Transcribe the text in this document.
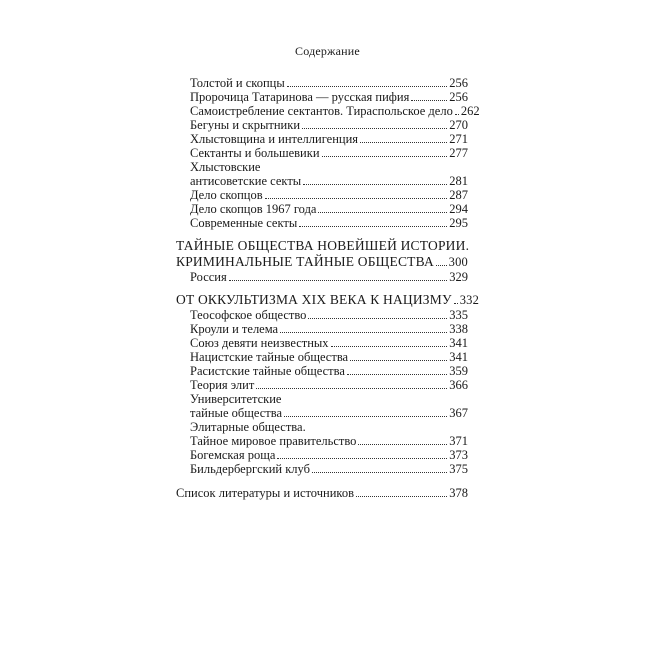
Содержание
Толстой и скопцы	256
Пророчица Татаринова — русская пифия	256
Самоистребление сектантов. Тираспольское дело 262
Бегуны и скрытники	270
Хлыстовщина и интеллигенция	271
Сектанты и большевики	277
Хлыстовские
антисоветские секты	281
Дело скопцов	287
Дело скопцов 1967 года	294
Современные секты	295
ТАЙНЫЕ ОБЩЕСТВА НОВЕЙШЕЙ ИСТОРИИ.
КРИМИНАЛЬНЫЕ ТАЙНЫЕ ОБЩЕСТВА 300
Россия	329
ОТ ОККУЛЬТИЗМА XIX ВЕКА К НАЦИЗМУ 332
Теософское общество	335
Кроули и телема	338
Союз девяти неизвестных	341
Нацистские тайные общества	341
Расистские тайные общества	359
Теория элит	366
Университетские
тайные общества	367
Элитарные общества.
Тайное мировое правительство	371
Богемская роща	373
Бильдербергский клуб	375
Список литературы и источников	378
